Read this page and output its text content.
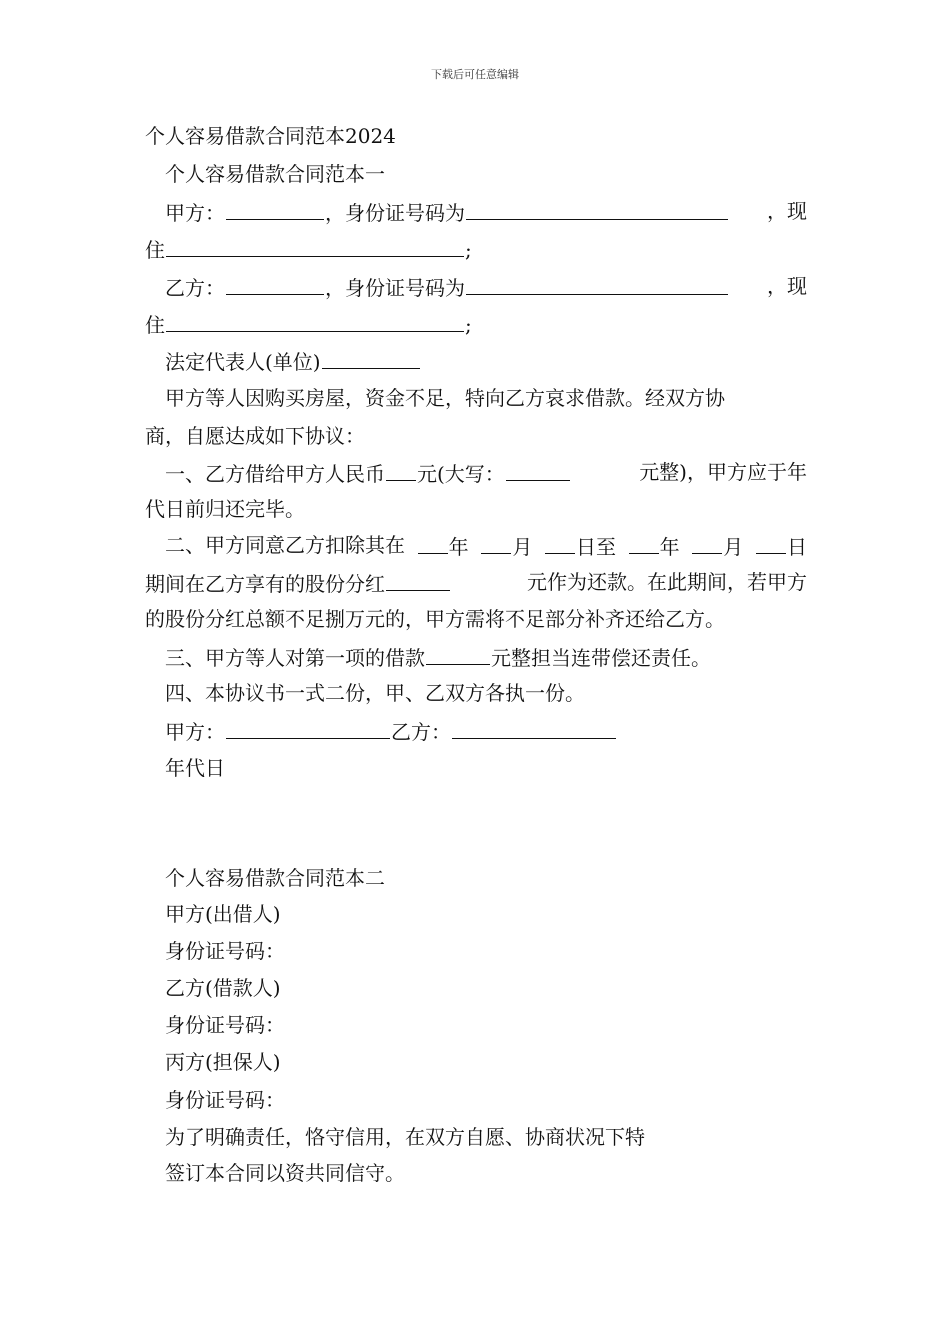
下载后可任意编辑
个人容易借款合同范本2024
个人容易借款合同范本一
甲方：	，身份证号码为	，现
住	;
乙方：	，身份证号码为	，现
住	;
法定代表人(单位)
甲方等人因购买房屋，资金不足，特向乙方哀求借款。经双方协
商，自愿达成如下协议：
一、乙方借给甲方人民币 元(大写：	元整)，甲方应于年
代日前归还完毕。
二、甲方同意乙方扣除其在	年	月	日至	年	月	日
期间在乙方享有的股份分红	元作为还款。在此期间，若甲方
的股份分红总额不足捌万元的，甲方需将不足部分补齐还给乙方。
三、甲方等人对第一项的借款	元整担当连带偿还责任。
四、本协议书一式二份，甲、乙双方各执一份。
甲方：	乙方：
年代日
个人容易借款合同范本二
甲方(出借人)
身份证号码：
乙方(借款人)
身份证号码：
丙方(担保人)
身份证号码：
为了明确责任，恪守信用，在双方自愿、协商状况下特
签订本合同以资共同信守。
